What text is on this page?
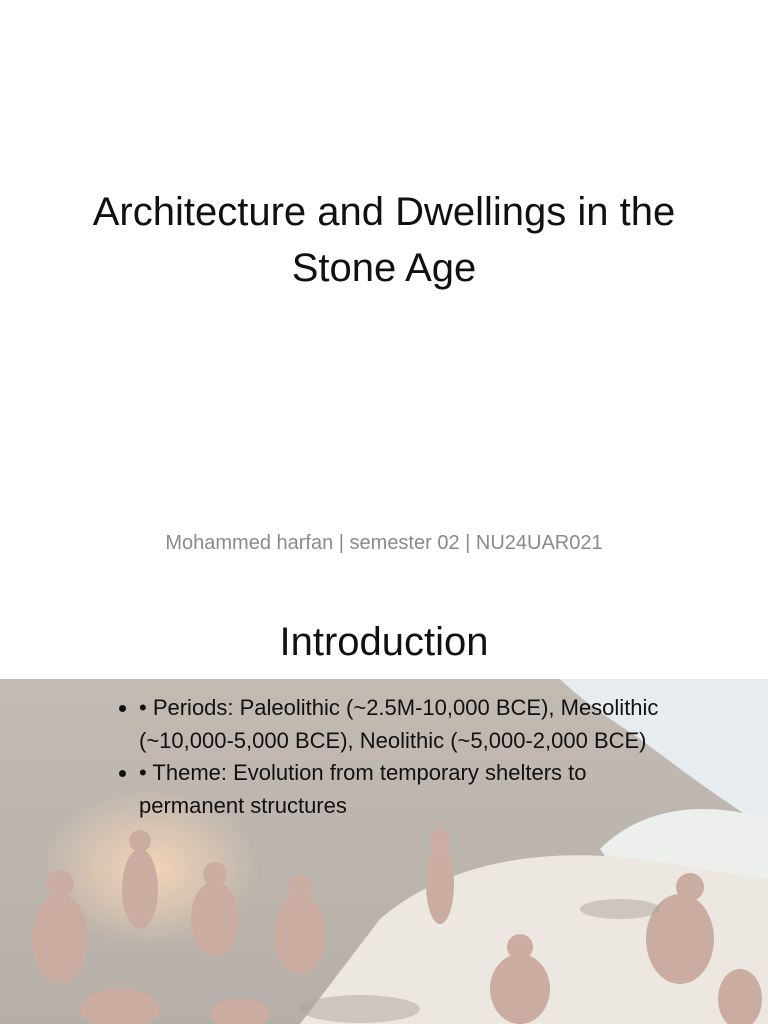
Architecture and Dwellings in the Stone Age
Mohammed harfan | semester 02 | NU24UAR021
Introduction
• • Periods: Paleolithic (~2.5M-10,000 BCE), Mesolithic (~10,000-5,000 BCE), Neolithic (~5,000-2,000 BCE)
• • Theme: Evolution from temporary shelters to permanent structures
